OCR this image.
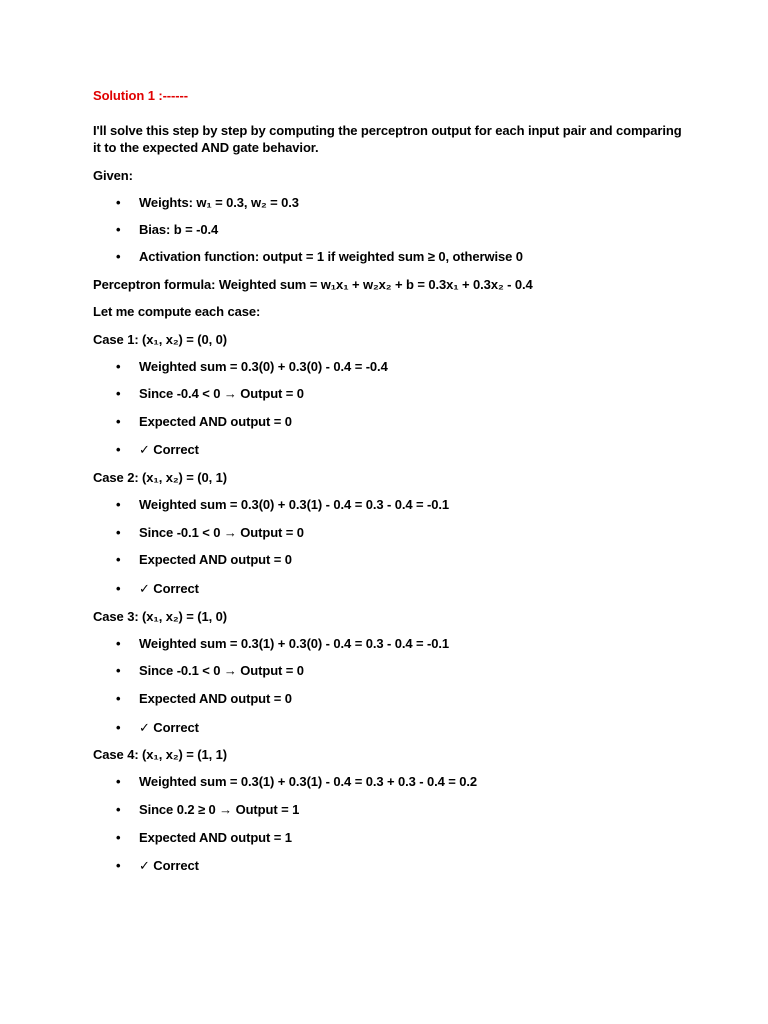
Solution 1 :------
I'll solve this step by step by computing the perceptron output for each input pair and comparing it to the expected AND gate behavior.
Given:
• Weights: w₁ = 0.3, w₂ = 0.3
• Bias: b = -0.4
• Activation function: output = 1 if weighted sum ≥ 0, otherwise 0
Perceptron formula: Weighted sum = w₁x₁ + w₂x₂ + b = 0.3x₁ + 0.3x₂ - 0.4
Let me compute each case:
Case 1: (x₁, x₂) = (0, 0)
• Weighted sum = 0.3(0) + 0.3(0) - 0.4 = -0.4
• Since -0.4 < 0 → Output = 0
• Expected AND output = 0
• ✓ Correct
Case 2: (x₁, x₂) = (0, 1)
• Weighted sum = 0.3(0) + 0.3(1) - 0.4 = 0.3 - 0.4 = -0.1
• Since -0.1 < 0 → Output = 0
• Expected AND output = 0
• ✓ Correct
Case 3: (x₁, x₂) = (1, 0)
• Weighted sum = 0.3(1) + 0.3(0) - 0.4 = 0.3 - 0.4 = -0.1
• Since -0.1 < 0 → Output = 0
• Expected AND output = 0
• ✓ Correct
Case 4: (x₁, x₂) = (1, 1)
• Weighted sum = 0.3(1) + 0.3(1) - 0.4 = 0.3 + 0.3 - 0.4 = 0.2
• Since 0.2 ≥ 0 → Output = 1
• Expected AND output = 1
• ✓ Correct
